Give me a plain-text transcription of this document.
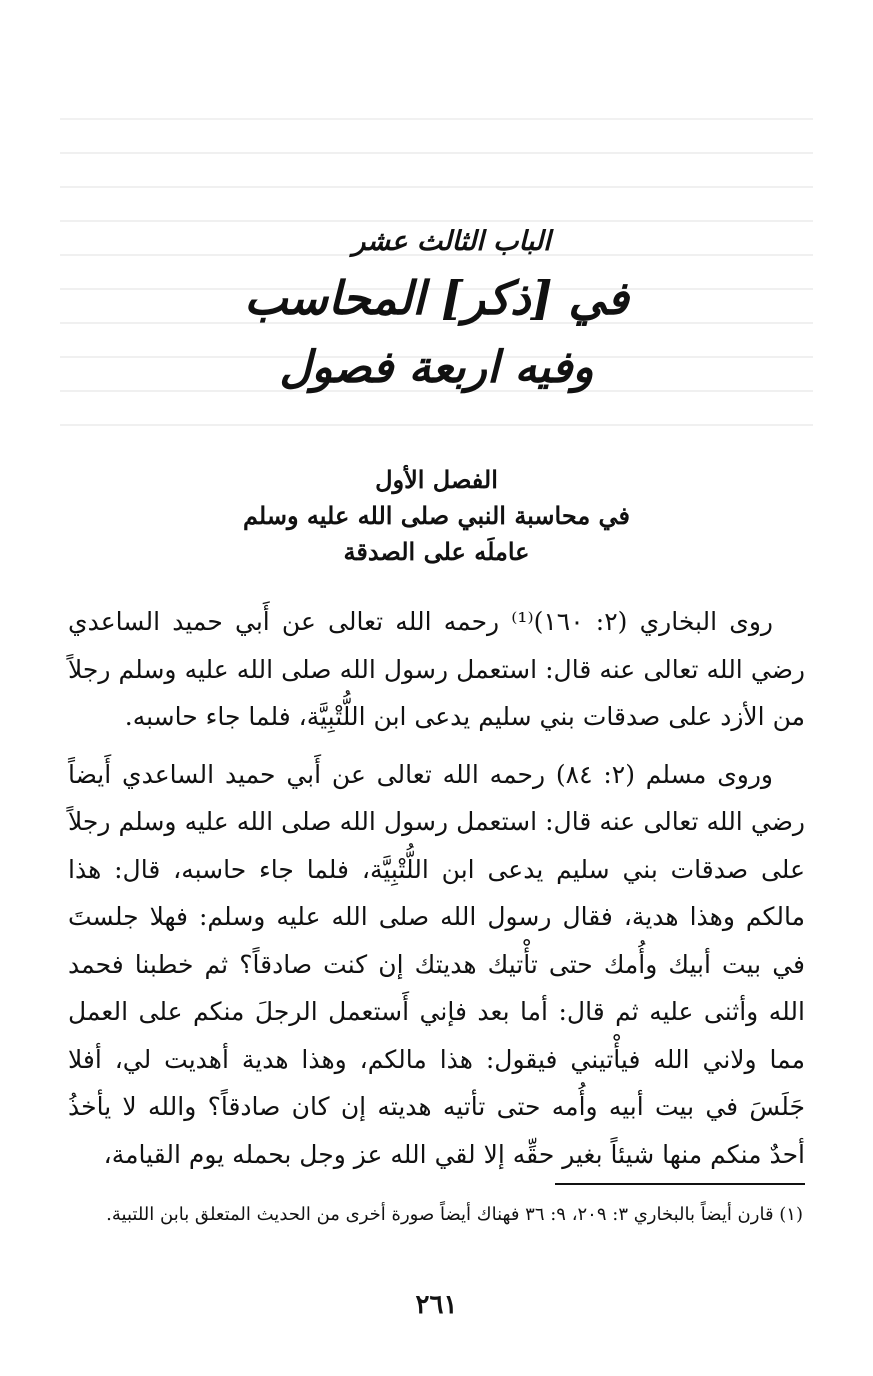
الباب الثالث عشر
في [ذكر] المحاسب
وفيه اربعة فصول
الفصل الأول
في محاسبة النبي صلى الله عليه وسلم
عاملَه على الصدقة

روى البخاري (٢: ١٦٠)⁽¹⁾ رحمه الله تعالى عن أَبي حميد الساعدي رضي الله تعالى عنه قال: استعمل رسول الله صلى الله عليه وسلم رجلاً من الأزد على صدقات بني سليم يدعى ابن اللُّتْبِيَّة، فلما جاء حاسبه.

وروى مسلم (٢: ٨٤) رحمه الله تعالى عن أَبي حميد الساعدي أَيضاً رضي الله تعالى عنه قال: استعمل رسول الله صلى الله عليه وسلم رجلاً على صدقات بني سليم يدعى ابن اللُّتْبِيَّة، فلما جاء حاسبه، قال: هذا مالكم وهذا هدية، فقال رسول الله صلى الله عليه وسلم: فهلا جلستَ في بيت أبيك وأُمك حتى تأْتيك هديتك إن كنت صادقاً؟ ثم خطبنا فحمد الله وأثنى عليه ثم قال: أما بعد فإني أَستعمل الرجلَ منكم على العمل مما ولاني الله فيأْتيني فيقول: هذا مالكم، وهذا هدية أهديت لي، أفلا جَلَسَ في بيت أبيه وأُمه حتى تأتيه هديته إن كان صادقاً؟ والله لا يأخذُ أحدٌ منكم منها شيئاً بغير حقِّه إلا لقي الله عز وجل بحمله يوم القيامة،

(١) قارن أيضاً بالبخاري ٣: ٢٠٩، ٩: ٣٦ فهناك أيضاً صورة أخرى من الحديث المتعلق بابن اللتبية.
٢٦١
